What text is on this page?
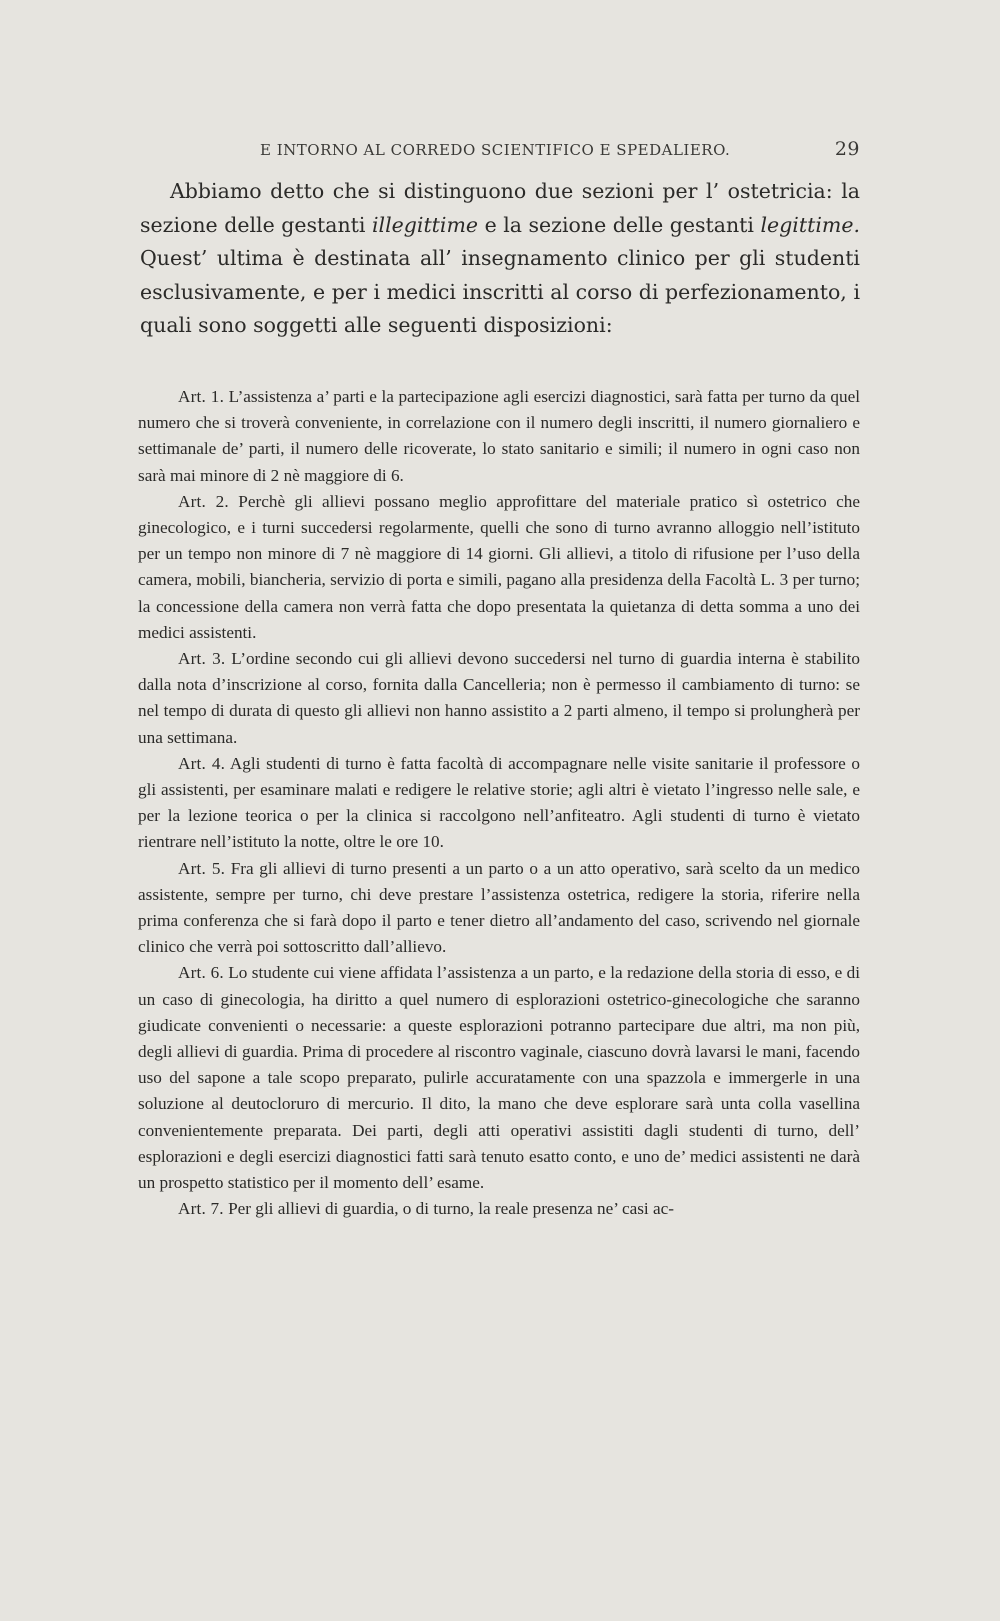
E INTORNO AL CORREDO SCIENTIFICO E SPEDALIERO.	29

Abbiamo detto che si distinguono due sezioni per l’ ostetricia: la sezione delle gestanti illegittime e la sezione delle gestanti legittime. Quest’ ultima è destinata all’ insegnamento clinico per gli studenti esclusivamente, e per i medici inscritti al corso di perfezionamento, i quali sono soggetti alle seguenti disposizioni:

Art. 1. L’assistenza a’ parti e la partecipazione agli esercizi diagnostici, sarà fatta per turno da quel numero che si troverà conveniente, in correlazione con il numero degli inscritti, il numero giornaliero e settimanale de’ parti, il numero delle ricoverate, lo stato sanitario e simili; il numero in ogni caso non sarà mai minore di 2 nè maggiore di 6.

Art. 2. Perchè gli allievi possano meglio approfittare del materiale pratico sì ostetrico che ginecologico, e i turni succedersi regolarmente, quelli che sono di turno avranno alloggio nell’istituto per un tempo non minore di 7 nè maggiore di 14 giorni. Gli allievi, a titolo di rifusione per l’uso della camera, mobili, biancheria, servizio di porta e simili, pagano alla presidenza della Facoltà L. 3 per turno; la concessione della camera non verrà fatta che dopo presentata la quietanza di detta somma a uno dei medici assistenti.

Art. 3. L’ordine secondo cui gli allievi devono succedersi nel turno di guardia interna è stabilito dalla nota d’inscrizione al corso, fornita dalla Cancelleria; non è permesso il cambiamento di turno: se nel tempo di durata di questo gli allievi non hanno assistito a 2 parti almeno, il tempo si prolungherà per una settimana.

Art. 4. Agli studenti di turno è fatta facoltà di accompagnare nelle visite sanitarie il professore o gli assistenti, per esaminare malati e redigere le relative storie; agli altri è vietato l’ingresso nelle sale, e per la lezione teorica o per la clinica si raccolgono nell’anfiteatro. Agli studenti di turno è vietato rientrare nell’istituto la notte, oltre le ore 10.

Art. 5. Fra gli allievi di turno presenti a un parto o a un atto operativo, sarà scelto da un medico assistente, sempre per turno, chi deve prestare l’assistenza ostetrica, redigere la storia, riferire nella prima conferenza che si farà dopo il parto e tener dietro all’andamento del caso, scrivendo nel giornale clinico che verrà poi sottoscritto dall’allievo.

Art. 6. Lo studente cui viene affidata l’assistenza a un parto, e la redazione della storia di esso, e di un caso di ginecologia, ha diritto a quel numero di esplorazioni ostetrico-ginecologiche che saranno giudicate convenienti o necessarie: a queste esplorazioni potranno partecipare due altri, ma non più, degli allievi di guardia. Prima di procedere al riscontro vaginale, ciascuno dovrà lavarsi le mani, facendo uso del sapone a tale scopo preparato, pulirle accuratamente con una spazzola e immergerle in una soluzione al deutocloruro di mercurio. Il dito, la mano che deve esplorare sarà unta colla vasellina convenientemente preparata. Dei parti, degli atti operativi assistiti dagli studenti di turno, dell’ esplorazioni e degli esercizi diagnostici fatti sarà tenuto esatto conto, e uno de’ medici assistenti ne darà un prospetto statistico per il momento dell’ esame.

Art. 7. Per gli allievi di guardia, o di turno, la reale presenza ne’ casi ac-
